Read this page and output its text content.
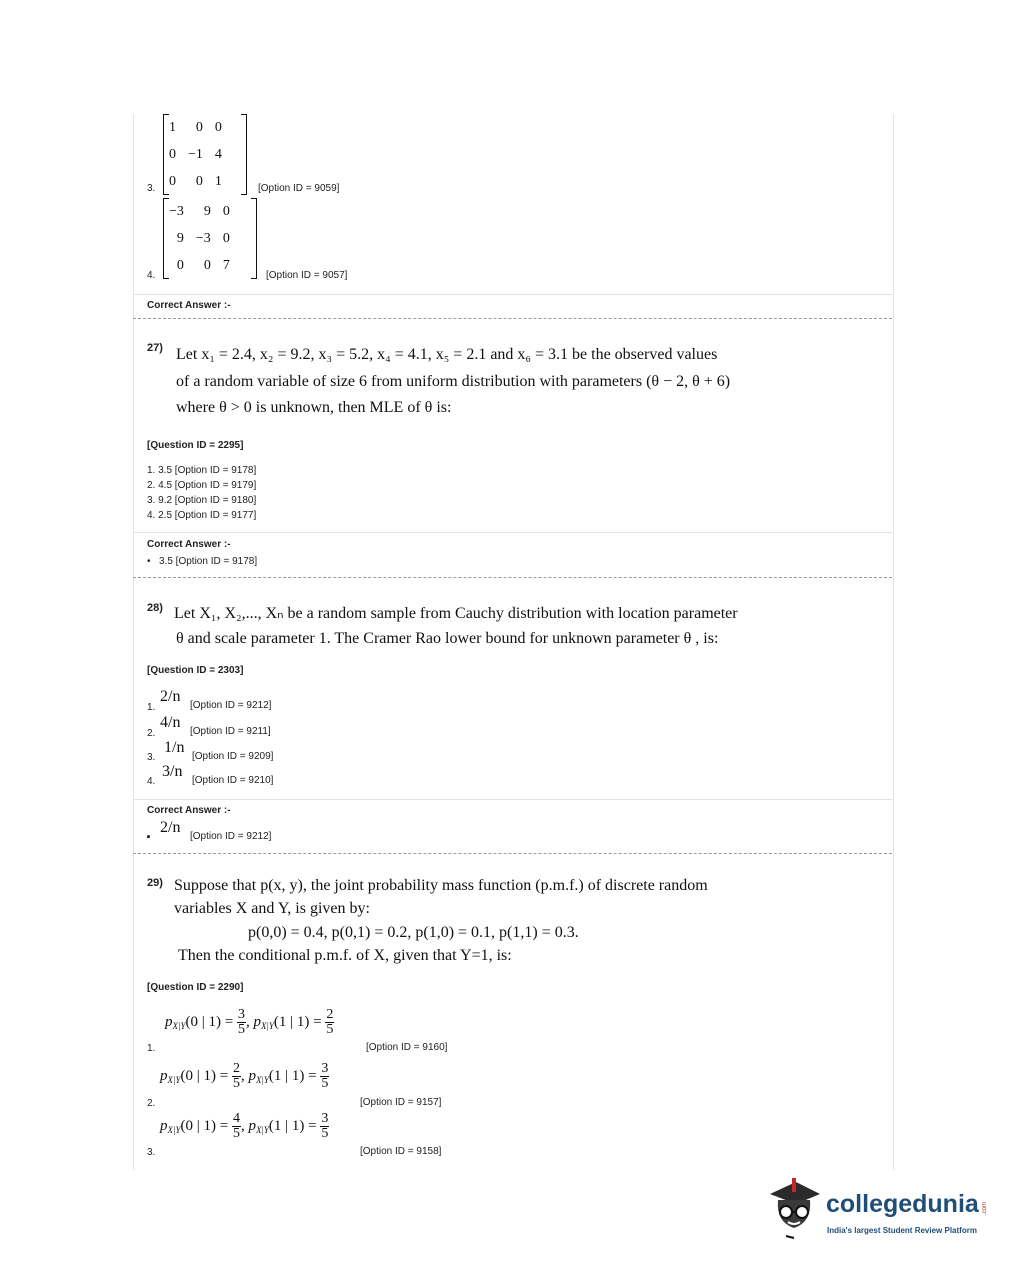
1	0	0
0	−1	4
0	0	1
3.	[Option ID = 9059]
−3	9	0
9	−3	0
0	0	7
4.	[Option ID = 9057]
Correct Answer :-
27) Let x₁ = 2.4, x₂ = 9.2, x₃ = 5.2, x₄ = 4.1, x₅ = 2.1 and x₆ = 3.1 be the observed values
of a random variable of size 6 from uniform distribution with parameters (θ − 2, θ + 6)
where θ > 0 is unknown, then MLE of θ is:
[Question ID = 2295]
1. 3.5 [Option ID = 9178]
2. 4.5 [Option ID = 9179]
3. 9.2 [Option ID = 9180]
4. 2.5 [Option ID = 9177]
Correct Answer :-
• 3.5 [Option ID = 9178]
28) Let X₁, X₂,..., Xₙ be a random sample from Cauchy distribution with location parameter
θ and scale parameter 1. The Cramer Rao lower bound for unknown parameter θ , is:
[Question ID = 2303]
1.
2/n
[Option ID = 9212]
2.
4/n
[Option ID = 9211]
3.
1/n
[Option ID = 9209]
4.
3/n
[Option ID = 9210]
Correct Answer :-
. 2/n
[Option ID = 9212]
29) Suppose that p(x, y), the joint probability mass function (p.m.f.) of discrete random
variables X and Y, is given by:
p(0,0) = 0.4, p(0,1) = 0.2, p(1,0) = 0.1, p(1,1) = 0.3.
Then the conditional p.m.f. of X, given that Y=1, is:
[Question ID = 2290]
1.
$p_{X|Y}(0$ | $1) = \frac{3}{5}$ , $p_{X|Y}(1$ | $1) = \frac{2}{5}$
[Option ID = 9160]
2.
$p_{X|Y}(0$ | $1) = \frac{2}{5}$ , $p_{X|Y}(1$ | $1) = \frac{3}{5}$
[Option ID = 9157]
3.
$p_{X|Y}(0$ | $1) = \frac{4}{5}$ , $p_{X|Y}(1$ | $1) = \frac{3}{5}$
[Option ID = 9158]
collegedunia .com
India's largest Student Review Platform
